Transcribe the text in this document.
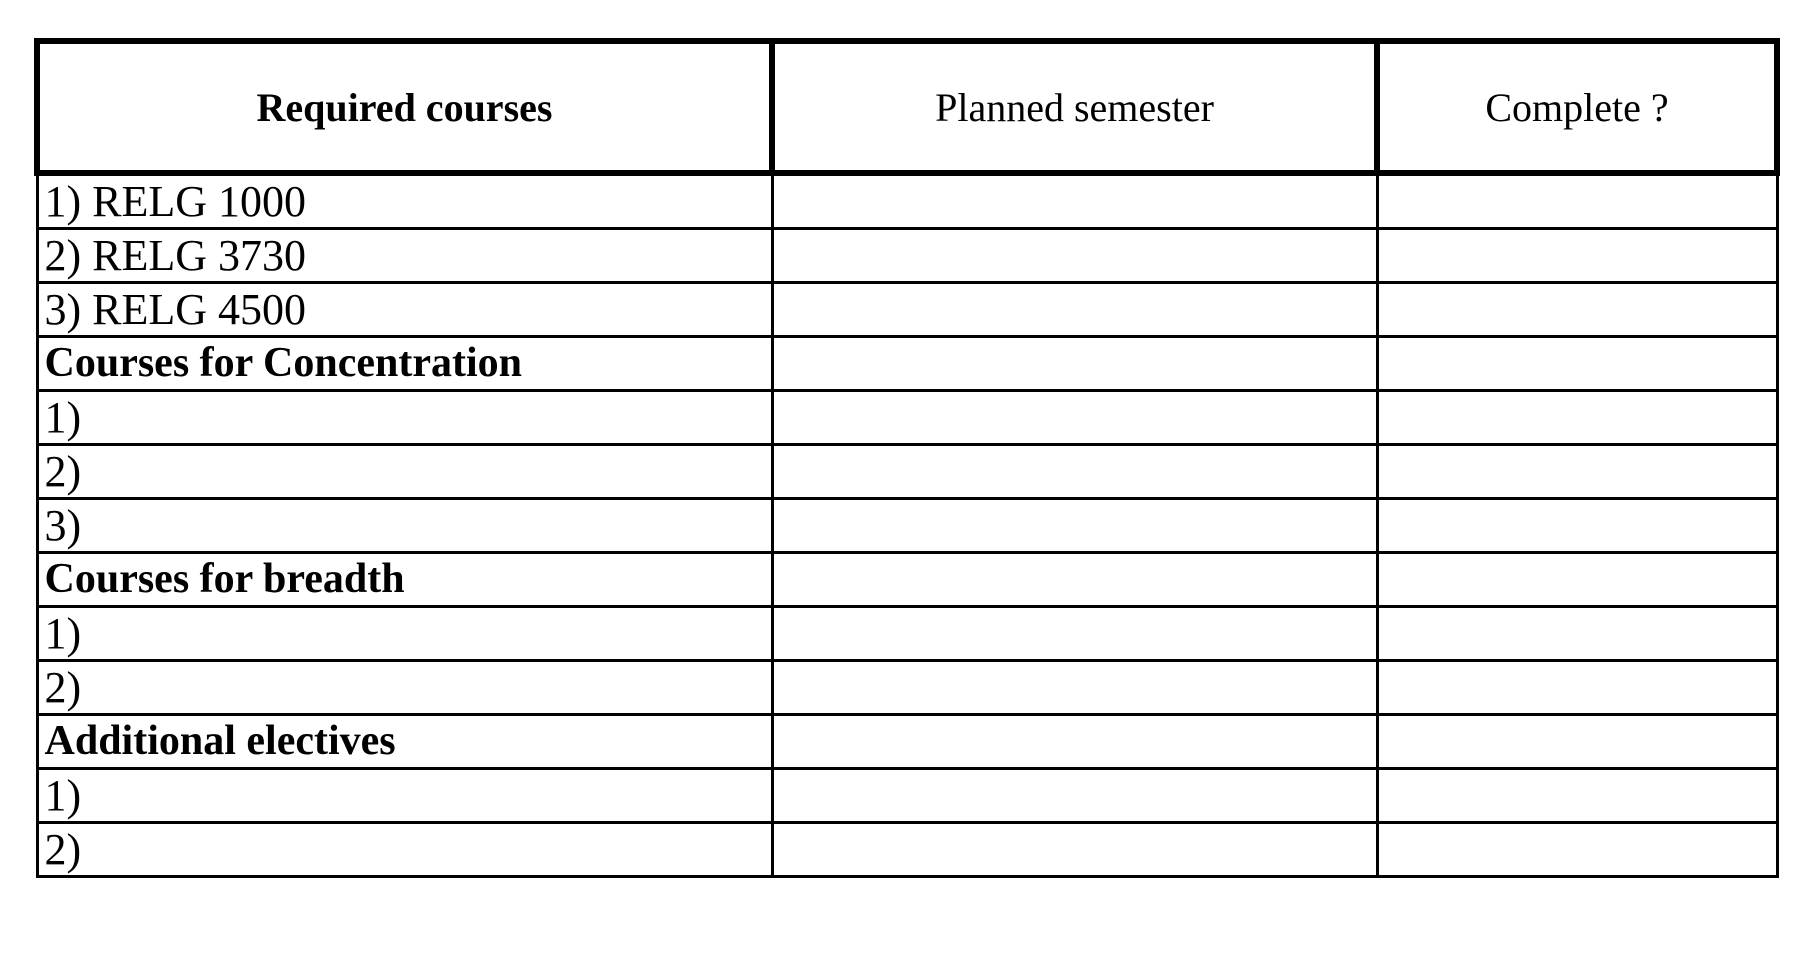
Required courses	Planned semester	Complete ?
1) RELG 1000		
2) RELG 3730		
3) RELG 4500		
Courses for Concentration		
1)		
2)		
3)		
Courses for breadth		
1)		
2)		
Additional electives		
1)		
2)		
